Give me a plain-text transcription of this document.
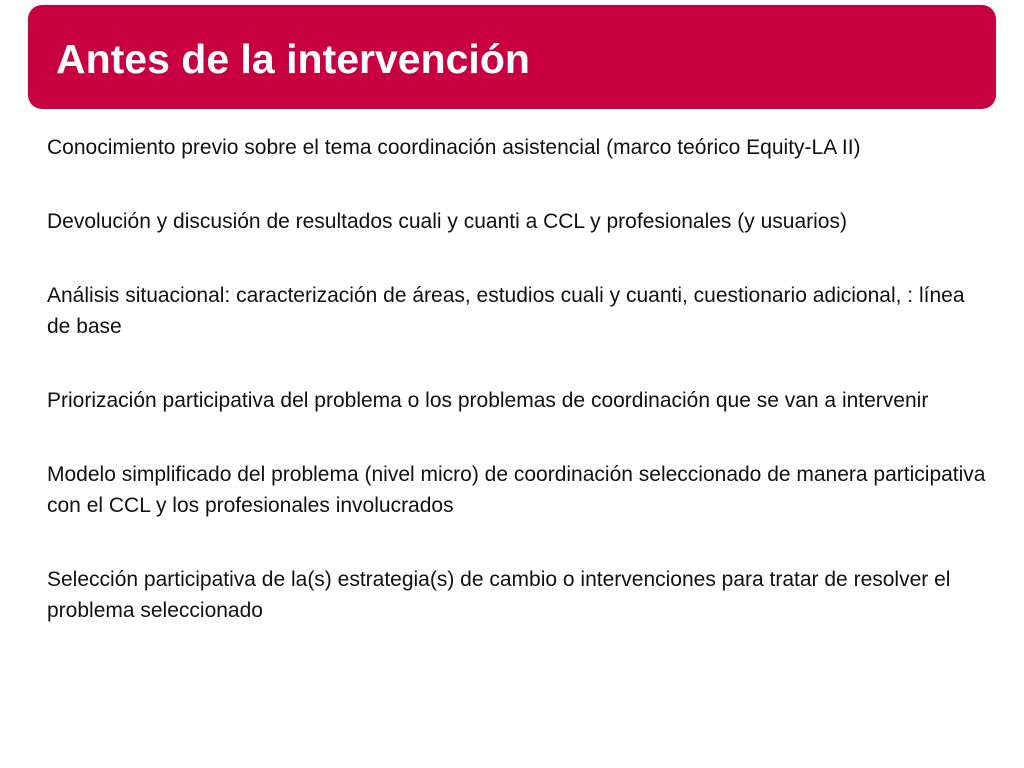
Antes de la intervención
Conocimiento previo sobre el tema coordinación asistencial (marco teórico Equity-LA II)
Devolución y discusión de resultados cuali y cuanti a CCL y profesionales (y usuarios)
Análisis situacional: caracterización de áreas, estudios cuali y cuanti, cuestionario adicional, : línea de base
Priorización participativa del problema o los problemas de coordinación que se van a intervenir
Modelo simplificado del problema (nivel micro) de coordinación seleccionado de manera participativa con el CCL y los profesionales involucrados
Selección participativa de la(s) estrategia(s) de cambio o intervenciones para tratar de resolver el problema seleccionado
